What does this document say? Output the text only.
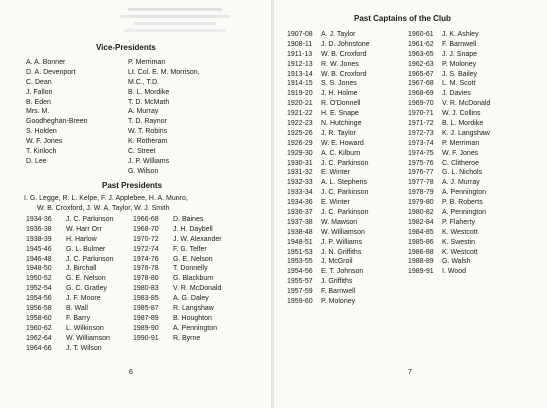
Vice-Presidents
A. A. Bonner
D. A. Devenport
C. Dean
J. Fallon
B. Eden
Mrs. M.
Goodheghan-Breen
S. Holden
W. F. Jones
T. Kinloch
D. Lee
P. Merriman
Lt. Col. E. M. Morrison,
M.C., T.D.
B. L. Mordike
T. D. McMath
A. Murray
T. D. Raynor
W. T. Robins
K. Rotheram
C. Street
J. P. Williams
G. Wilson
Past Presidents
I. G. Legge, R. L. Kelpe, F. J. Applebee, H. A. Munro,
W. B. Croxford, J. W. A. Taylor, W. J. Smith
1934-36 J. C. Parkinson
1936-38 W. Harr Orr
1938-39 H. Harlow
1945-46 G. L. Bulmer
1946-48 J. C. Parkinson
1948-50 J. Birchall
1950-52 G. E. Nelson
1952-54 G. C. Gratley
1954-56 J. F. Moore
1956-58 B. Wall
1958-60 F. Barry
1960-62 L. Wilkinson
1962-64 W. Williamson
1964-66 J. T. Wilson
1966-68 D. Baines
1968-70 J. H. Daybell
1970-72 J. W. Alexander
1972-74 F. G. Telfer
1974-76 G. E. Nelson
1976-78 T. Donnelly
1978-80 G. Blackburn
1980-83 V. R. McDonald
1983-85 A. G. Daley
1985-87 R. Langshaw
1987-89 B. Houghton
1989-90 A. Pennington
1990-91 R. Byrne
6
Past Captains of the Club
1907-08 A. J. Taylor
1908-11 J. D. Johnstone
1911-13 W. B. Croxford
1912-13 R. W. Jones
1913-14 W. B. Croxford
1914-15 S. S. Jones
1919-20 J. H. Holme
1920-21 R. O'Donnell
1921-22 H. E. Snape
1922-23 N. Hutchinge
1925-26 J. R. Taylor
1926-29 W. E. Howard
1929-30 A. C. Kilburn
1930-31 J. C. Parkinson
1931-32 E. Winter
1932-33 A. L. Stephens
1933-34 J. C. Parkinson
1934-36 E. Winter
1936-37 J. C. Parkinson
1937-38 W. Mawson
1938-48 W. Williamson
1948-51 J. P. Williams
1951-53 J. N. Griffiths
1953-55 J. McGroil
1954-56 E. T. Johnson
1955-57 J. Griffiths
1957-59 F. Barnwell
1959-60 P. Moloney
1960-61 J. K. Ashley
1961-62 F. Barnwell
1963-65 J. J. Snape
1962-63 P. Moloney
1965-67 J. S. Bailey
1967-68 L. M. Scott
1968-69 J. Davies
1969-70 V. R. McDonald
1970-71 W. J. Collins
1971-72 B. L. Mordike
1972-73 K. J. Langshaw
1973-74 P. Merriman
1974-75 W. F. Jones
1975-76 C. Clitheroe
1976-77 G. L. Nichols
1977-78 A. J. Murray
1978-79 A. Pennington
1979-80 P. B. Roberts
1980-82 A. Pennington
1982-84 P. Flaherty
1984-85 K. Westcott
1985-86 K. Swestin
1986-88 K. Westcott
1988-89 G. Walsh
1989-91 I. Wood
7
